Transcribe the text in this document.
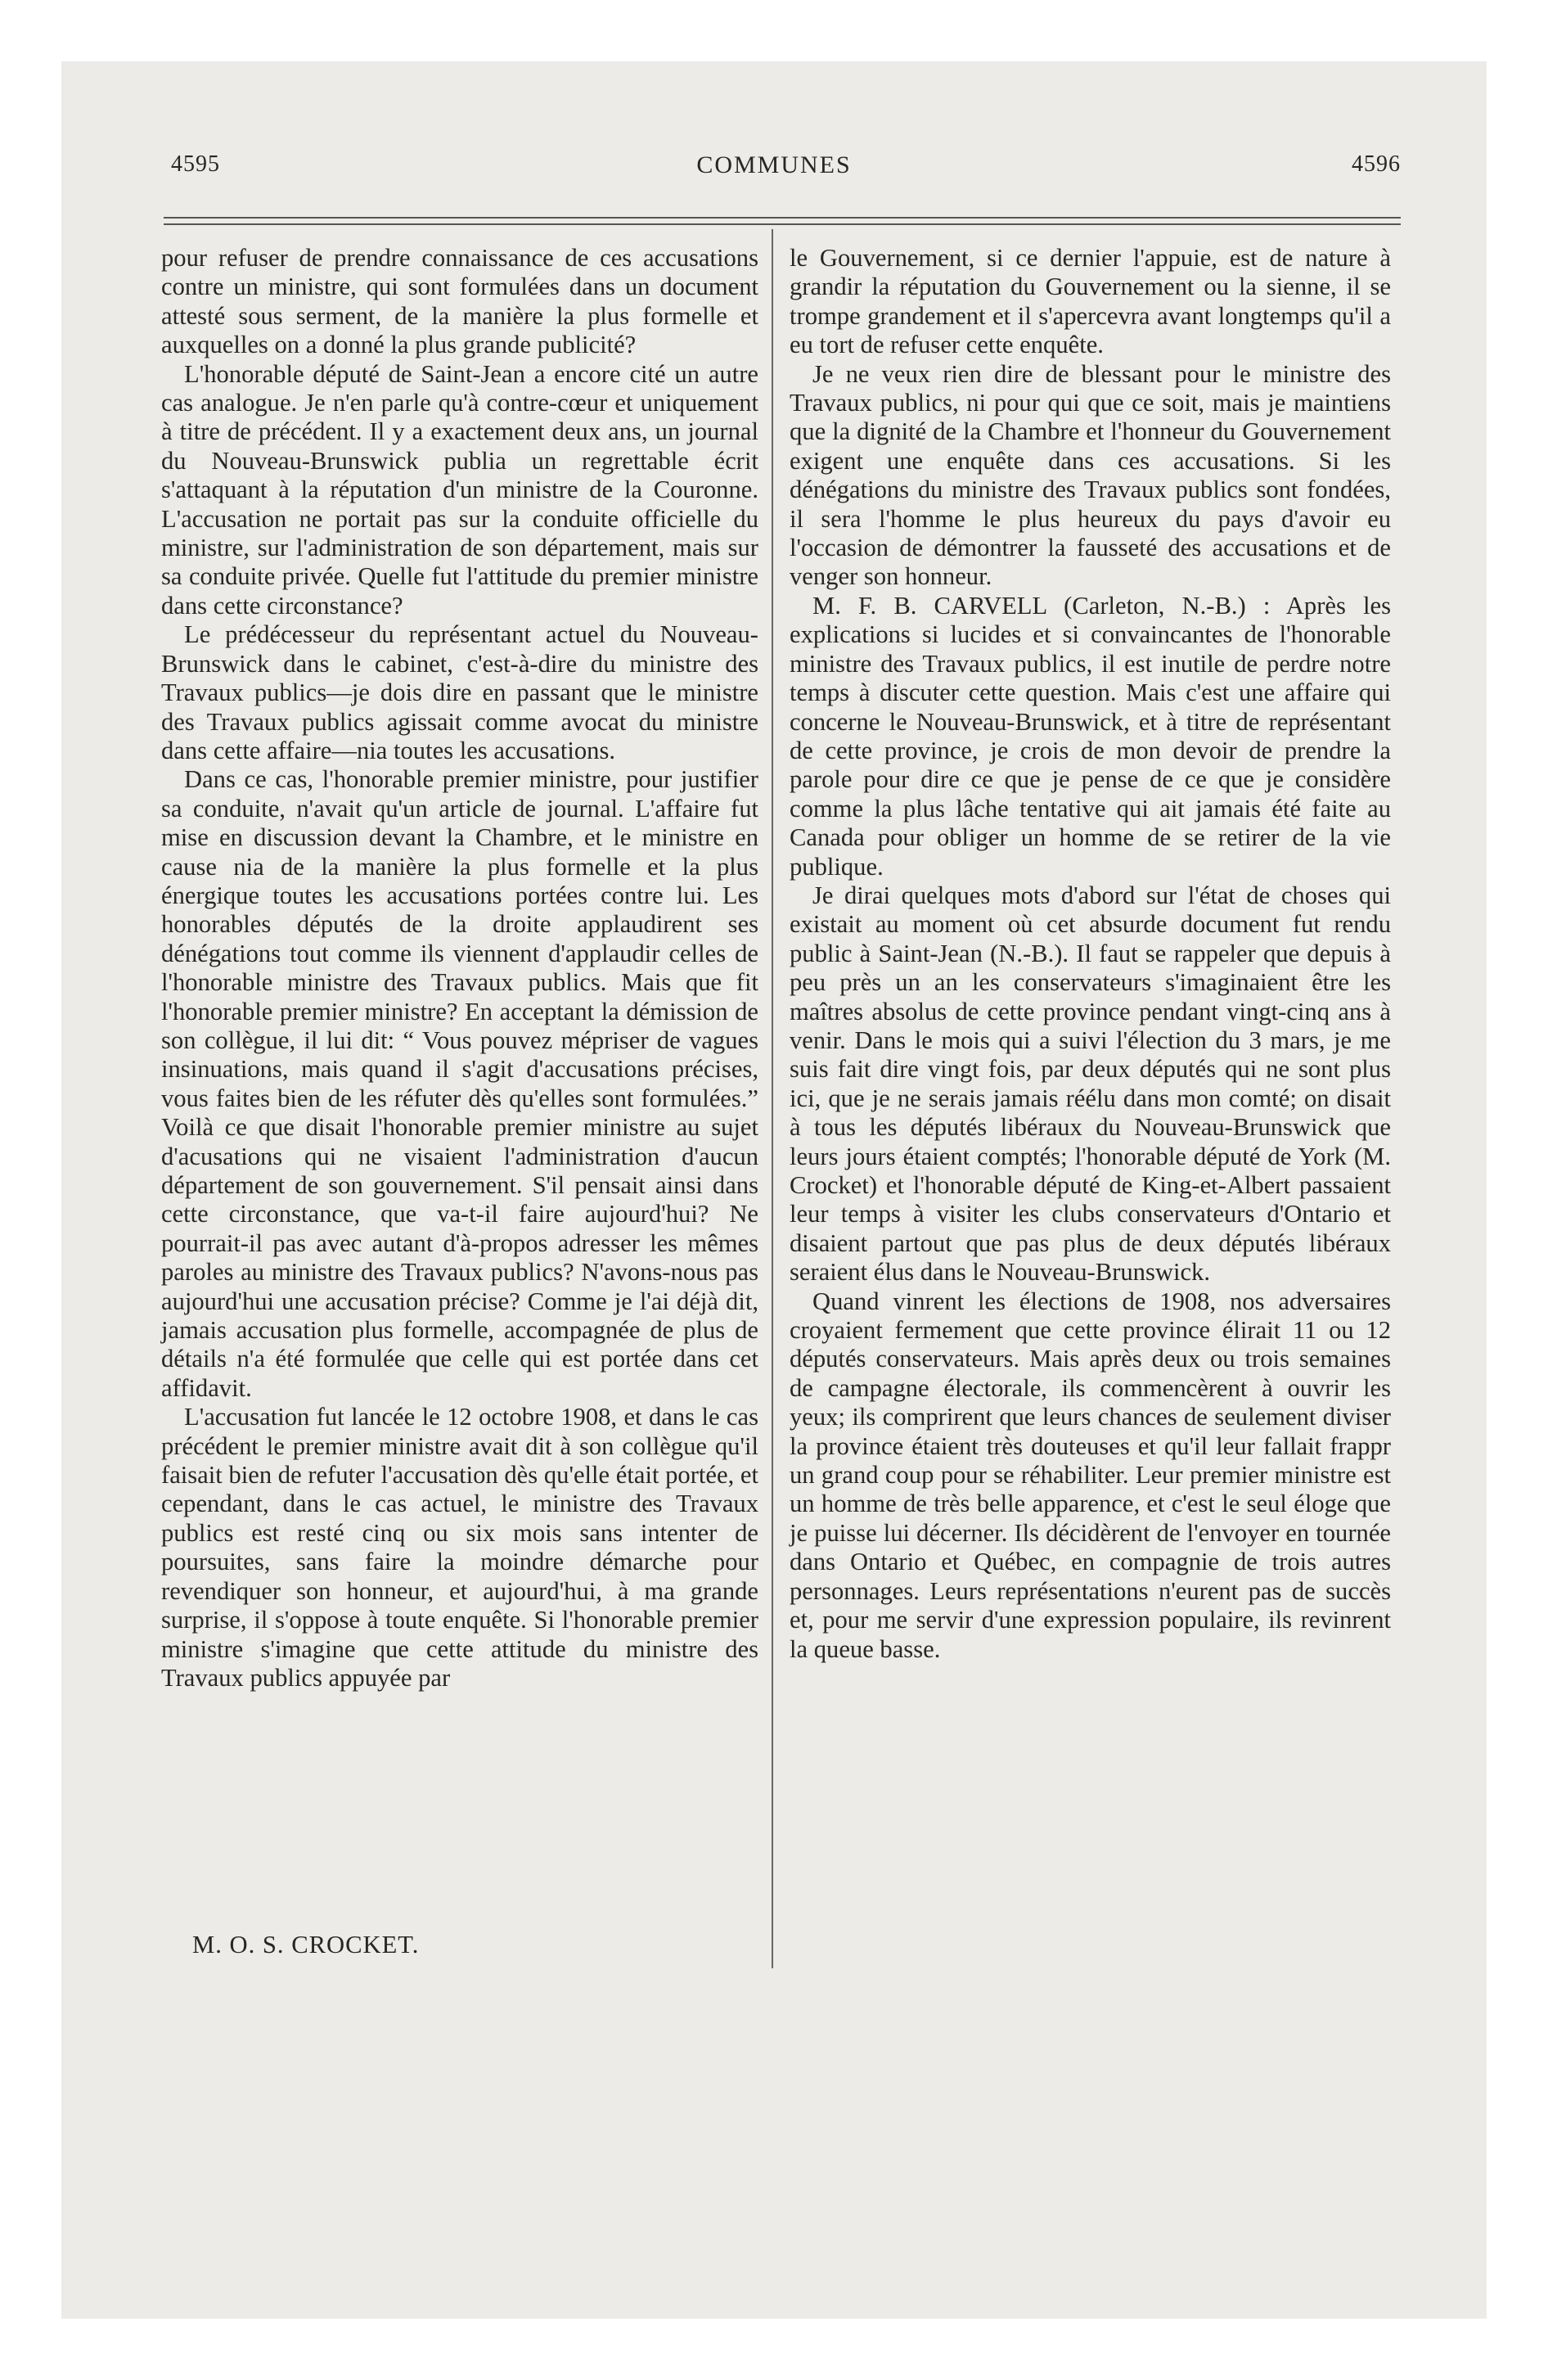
4595	COMMUNES	4596

pour refuser de prendre connaissance de ces accusations contre un ministre, qui sont formulées dans un document attesté sous serment, de la manière la plus formelle et auxquelles on a donné la plus grande publicité?

L'honorable député de Saint-Jean a encore cité un autre cas analogue. Je n'en parle qu'à contre-cœur et uniquement à titre de précédent. Il y a exactement deux ans, un journal du Nouveau-Brunswick publia un regrettable écrit s'attaquant à la réputation d'un ministre de la Couronne. L'accusation ne portait pas sur la conduite officielle du ministre, sur l'administration de son département, mais sur sa conduite privée. Quelle fut l'attitude du premier ministre dans cette circonstance?

Le prédécesseur du représentant actuel du Nouveau-Brunswick dans le cabinet, c'est-à-dire du ministre des Travaux publics—je dois dire en passant que le ministre des Travaux publics agissait comme avocat du ministre dans cette affaire—nia toutes les accusations.

Dans ce cas, l'honorable premier ministre, pour justifier sa conduite, n'avait qu'un article de journal. L'affaire fut mise en discussion devant la Chambre, et le ministre en cause nia de la manière la plus formelle et la plus énergique toutes les accusations portées contre lui. Les honorables députés de la droite applaudirent ses dénégations tout comme ils viennent d'applaudir celles de l'honorable ministre des Travaux publics. Mais que fit l'honorable premier ministre? En acceptant la démission de son collègue, il lui dit: “ Vous pouvez mépriser de vagues insinuations, mais quand il s'agit d'accusations précises, vous faites bien de les réfuter dès qu'elles sont formulées.” Voilà ce que disait l'honorable premier ministre au sujet d'acusations qui ne visaient l'administration d'aucun département de son gouvernement. S'il pensait ainsi dans cette circonstance, que va-t-il faire aujourd'hui? Ne pourrait-il pas avec autant d'à-propos adresser les mêmes paroles au ministre des Travaux publics? N'avons-nous pas aujourd'hui une accusation précise? Comme je l'ai déjà dit, jamais accusation plus formelle, accompagnée de plus de détails n'a été formulée que celle qui est portée dans cet affidavit.

L'accusation fut lancée le 12 octobre 1908, et dans le cas précédent le premier ministre avait dit à son collègue qu'il faisait bien de refuter l'accusation dès qu'elle était portée, et cependant, dans le cas actuel, le ministre des Travaux publics est resté cinq ou six mois sans intenter de poursuites, sans faire la moindre démarche pour revendiquer son honneur, et aujourd'hui, à ma grande surprise, il s'oppose à toute enquête. Si l'honorable premier ministre s'imagine que cette attitude du ministre des Travaux publics appuyée par

M. O. S. CROCKET.

le Gouvernement, si ce dernier l'appuie, est de nature à grandir la réputation du Gouvernement ou la sienne, il se trompe grandement et il s'apercevra avant longtemps qu'il a eu tort de refuser cette enquête.

Je ne veux rien dire de blessant pour le ministre des Travaux publics, ni pour qui que ce soit, mais je maintiens que la dignité de la Chambre et l'honneur du Gouvernement exigent une enquête dans ces accusations. Si les dénégations du ministre des Travaux publics sont fondées, il sera l'homme le plus heureux du pays d'avoir eu l'occasion de démontrer la fausseté des accusations et de venger son honneur.

M. F. B. CARVELL (Carleton, N.-B.) : Après les explications si lucides et si convaincantes de l'honorable ministre des Travaux publics, il est inutile de perdre notre temps à discuter cette question. Mais c'est une affaire qui concerne le Nouveau-Brunswick, et à titre de représentant de cette province, je crois de mon devoir de prendre la parole pour dire ce que je pense de ce que je considère comme la plus lâche tentative qui ait jamais été faite au Canada pour obliger un homme de se retirer de la vie publique.

Je dirai quelques mots d'abord sur l'état de choses qui existait au moment où cet absurde document fut rendu public à Saint-Jean (N.-B.). Il faut se rappeler que depuis à peu près un an les conservateurs s'imaginaient être les maîtres absolus de cette province pendant vingt-cinq ans à venir. Dans le mois qui a suivi l'élection du 3 mars, je me suis fait dire vingt fois, par deux députés qui ne sont plus ici, que je ne serais jamais réélu dans mon comté; on disait à tous les députés libéraux du Nouveau-Brunswick que leurs jours étaient comptés; l'honorable député de York (M. Crocket) et l'honorable député de King-et-Albert passaient leur temps à visiter les clubs conservateurs d'Ontario et disaient partout que pas plus de deux députés libéraux seraient élus dans le Nouveau-Brunswick.

Quand vinrent les élections de 1908, nos adversaires croyaient fermement que cette province élirait 11 ou 12 députés conservateurs. Mais après deux ou trois semaines de campagne électorale, ils commencèrent à ouvrir les yeux; ils comprirent que leurs chances de seulement diviser la province étaient très douteuses et qu'il leur fallait frappr un grand coup pour se réhabiliter. Leur premier ministre est un homme de très belle apparence, et c'est le seul éloge que je puisse lui décerner. Ils décidèrent de l'envoyer en tournée dans Ontario et Québec, en compagnie de trois autres personnages. Leurs représentations n'eurent pas de succès et, pour me servir d'une expression populaire, ils revinrent la queue basse.
